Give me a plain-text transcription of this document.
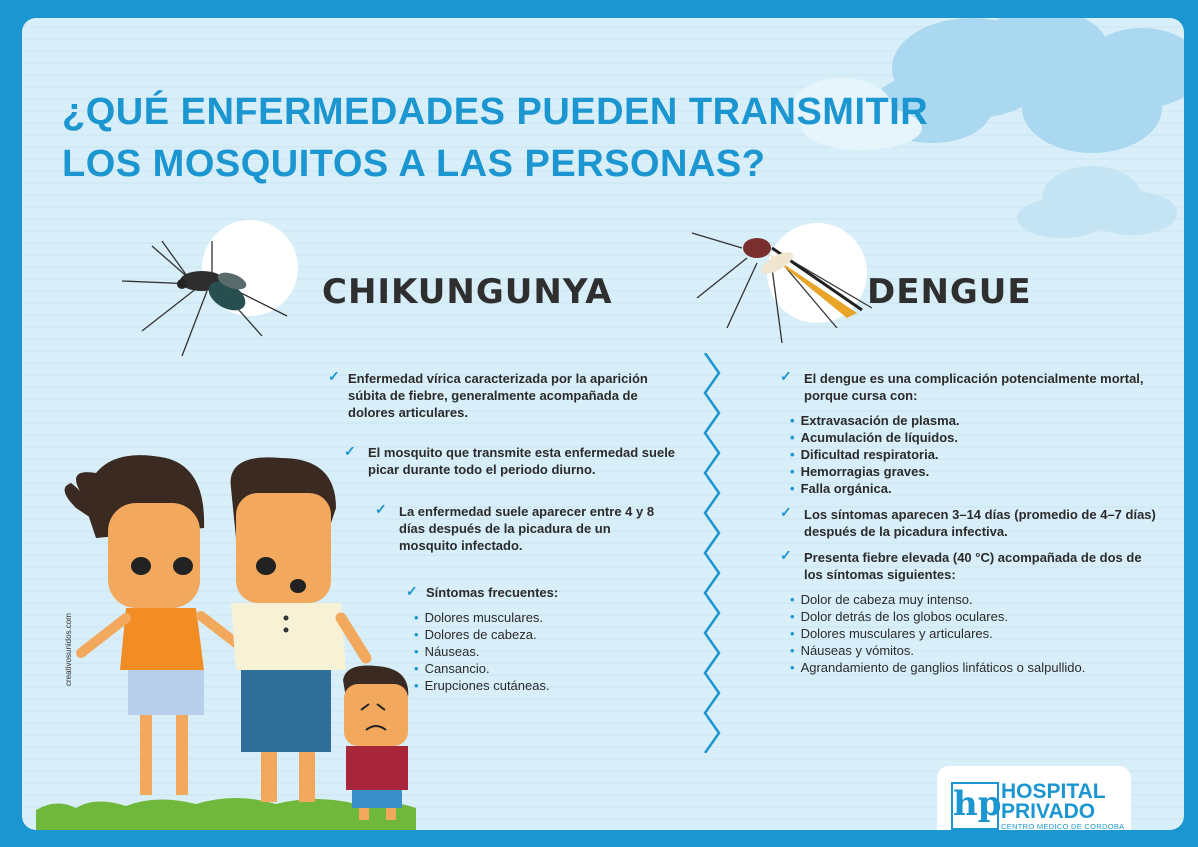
¿QUÉ ENFERMEDADES PUEDEN TRANSMITIR
LOS MOSQUITOS A LAS PERSONAS?
CHIKUNGUNYA	DENGUE
✓ Enfermedad vírica caracterizada por la aparición súbita de fiebre, generalmente acompañada de dolores articulares.
✓ El mosquito que transmite esta enfermedad suele picar durante todo el periodo diurno.
✓ La enfermedad suele aparecer entre 4 y 8 días después de la picadura de un mosquito infectado.
✓ Síntomas frecuentes:
• Dolores musculares.
• Dolores de cabeza.
• Náuseas.
• Cansancio.
• Erupciones cutáneas.
✓ El dengue es una complicación potencialmente mortal, porque cursa con:
• Extravasación de plasma.
• Acumulación de líquidos.
• Dificultad respiratoria.
• Hemorragias graves.
• Falla orgánica.
✓ Los síntomas aparecen 3–14 días (promedio de 4–7 días) después de la picadura infectiva.
✓ Presenta fiebre elevada (40 °C) acompañada de dos de los síntomas siguientes:
• Dolor de cabeza muy intenso.
• Dolor detrás de los globos oculares.
• Dolores musculares y articulares.
• Náuseas y vómitos.
• Agrandamiento de ganglios linfáticos o salpullido.
creativosunidos.com
hp HOSPITAL
PRIVADO
CENTRO MEDICO DE CORDOBA
